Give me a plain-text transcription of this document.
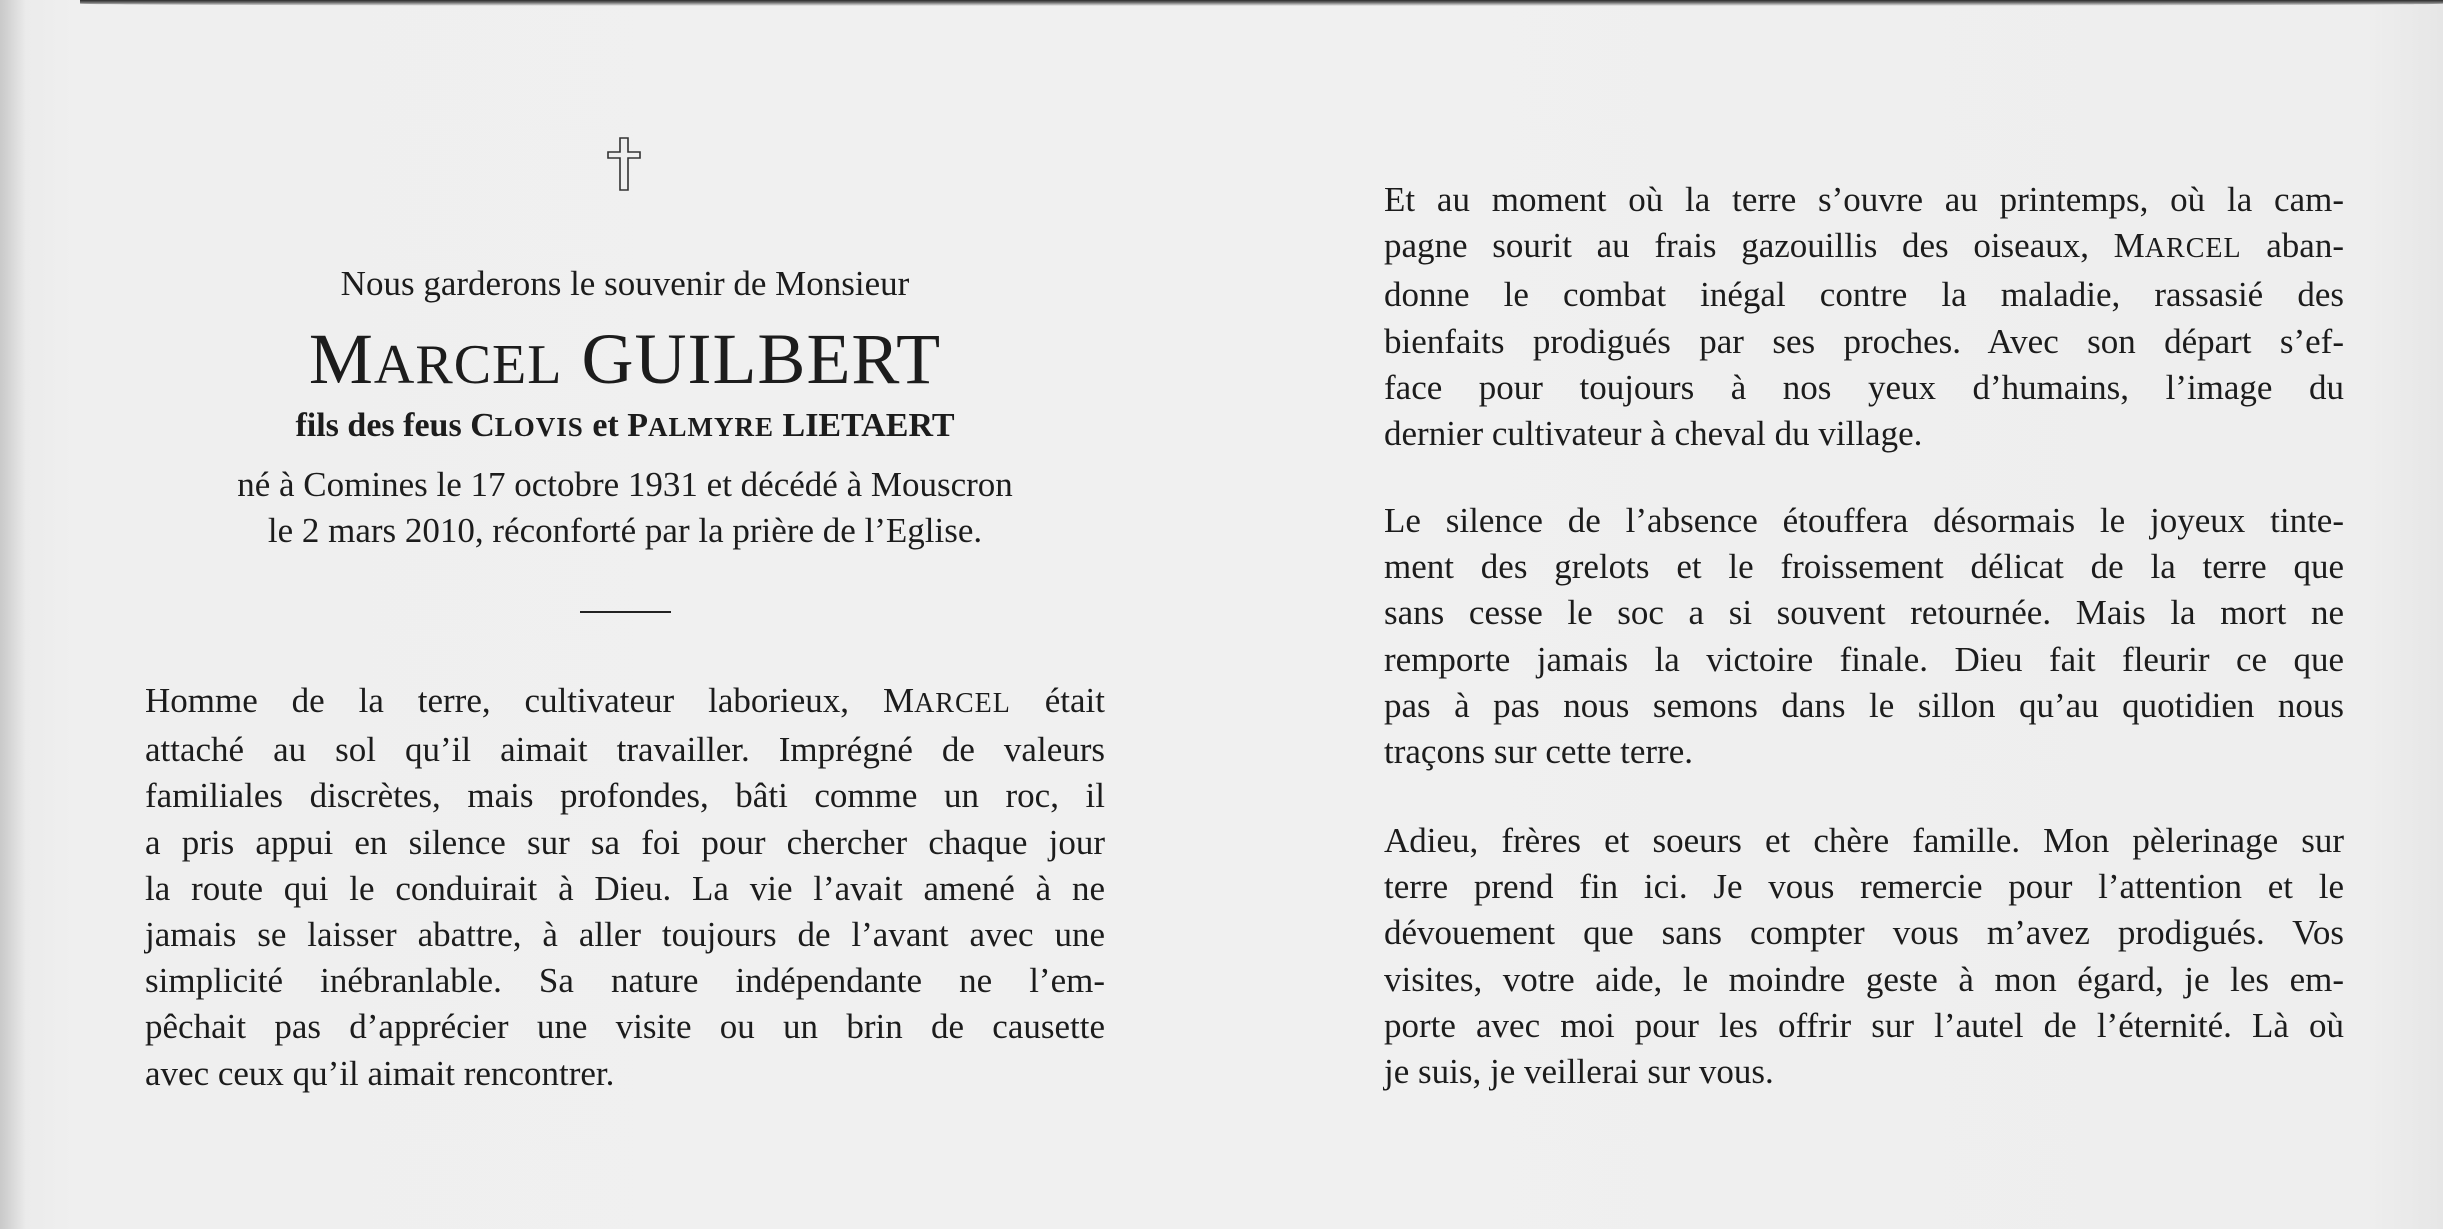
Nous garderons le souvenir de Monsieur
MARCEL GUILBERT
fils des feus CLOVIS et PALMYRE LIETAERT
né à Comines le 17 octobre 1931 et décédé à Mouscron
le 2 mars 2010, réconforté par la prière de l’Eglise.
Homme de la terre, cultivateur laborieux, MARCEL était
attaché au sol qu’il aimait travailler. Imprégné de valeurs
familiales discrètes, mais profondes, bâti comme un roc, il
a pris appui en silence sur sa foi pour chercher chaque jour
la route qui le conduirait à Dieu. La vie l’avait amené à ne
jamais se laisser abattre, à aller toujours de l’avant avec une
simplicité inébranlable. Sa nature indépendante ne l’em-
pêchait pas d’apprécier une visite ou un brin de causette
avec ceux qu’il aimait rencontrer.
Et au moment où la terre s’ouvre au printemps, où la cam-
pagne sourit au frais gazouillis des oiseaux, MARCEL aban-
donne le combat inégal contre la maladie, rassasié des
bienfaits prodigués par ses proches. Avec son départ s’ef-
face pour toujours à nos yeux d’humains, l’image du
dernier cultivateur à cheval du village.
Le silence de l’absence étouffera désormais le joyeux tinte-
ment des grelots et le froissement délicat de la terre que
sans cesse le soc a si souvent retournée. Mais la mort ne
remporte jamais la victoire finale. Dieu fait fleurir ce que
pas à pas nous semons dans le sillon qu’au quotidien nous
traçons sur cette terre.
Adieu, frères et soeurs et chère famille. Mon pèlerinage sur
terre prend fin ici. Je vous remercie pour l’attention et le
dévouement que sans compter vous m’avez prodigués. Vos
visites, votre aide, le moindre geste à mon égard, je les em-
porte avec moi pour les offrir sur l’autel de l’éternité. Là où
je suis, je veillerai sur vous.
